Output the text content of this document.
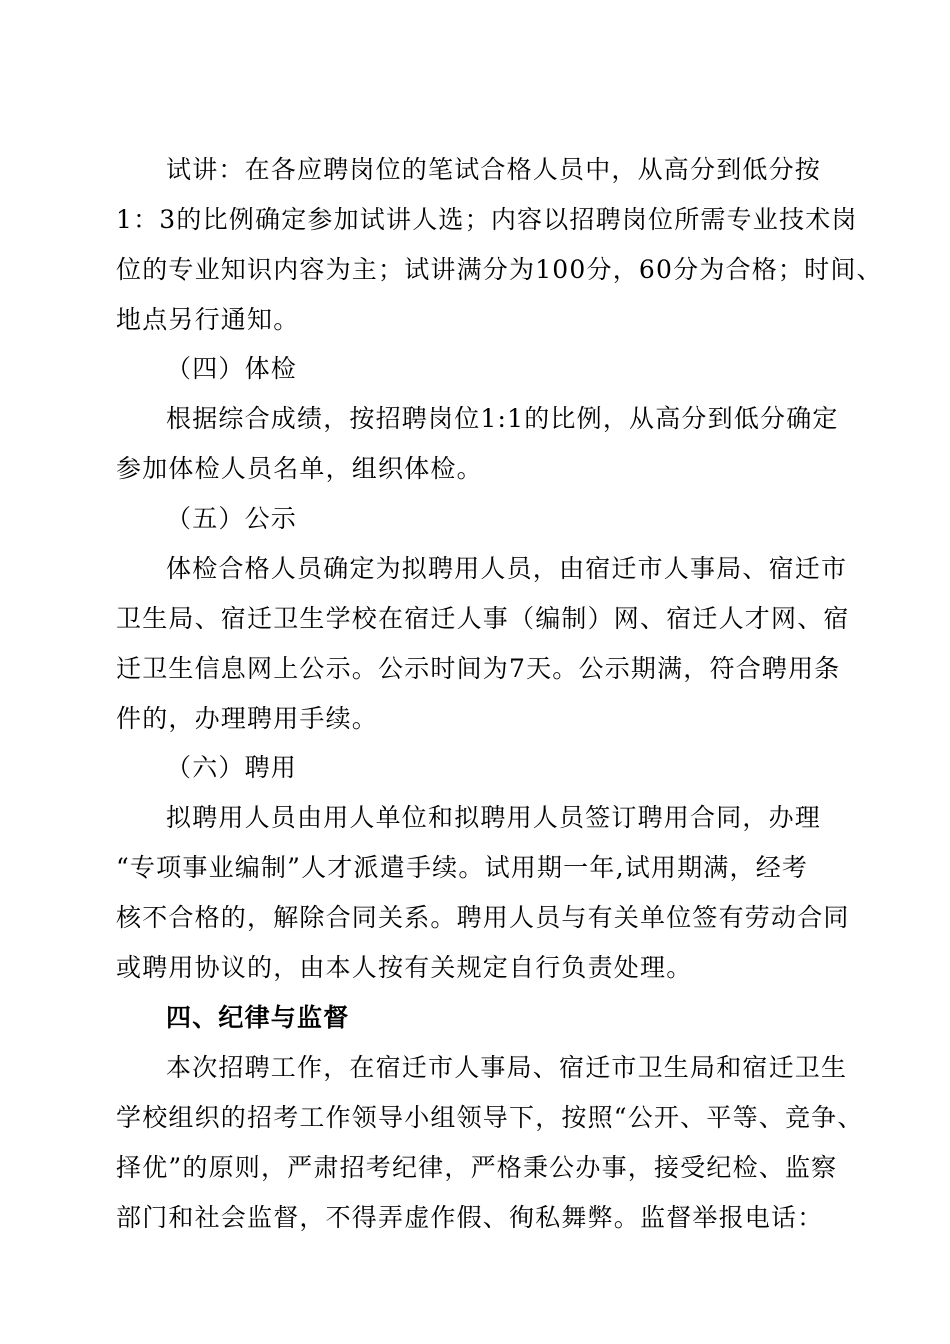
试讲：在各应聘岗位的笔试合格人员中，从高分到低分按
1：3的比例确定参加试讲人选；内容以招聘岗位所需专业技术岗
位的专业知识内容为主；试讲满分为100分，60分为合格；时间、
地点另行通知。
（四）体检
根据综合成绩，按招聘岗位1:1的比例，从高分到低分确定
参加体检人员名单，组织体检。
（五）公示
体检合格人员确定为拟聘用人员，由宿迁市人事局、宿迁市
卫生局、宿迁卫生学校在宿迁人事（编制）网、宿迁人才网、宿
迁卫生信息网上公示。公示时间为7天。公示期满，符合聘用条
件的，办理聘用手续。
（六）聘用
拟聘用人员由用人单位和拟聘用人员签订聘用合同，办理
“专项事业编制”人才派遣手续。试用期一年,试用期满，经考
核不合格的，解除合同关系。聘用人员与有关单位签有劳动合同
或聘用协议的，由本人按有关规定自行负责处理。
四、纪律与监督
本次招聘工作，在宿迁市人事局、宿迁市卫生局和宿迁卫生
学校组织的招考工作领导小组领导下，按照“公开、平等、竞争、
择优”的原则，严肃招考纪律，严格秉公办事，接受纪检、监察
部门和社会监督，不得弄虚作假、徇私舞弊。监督举报电话：
